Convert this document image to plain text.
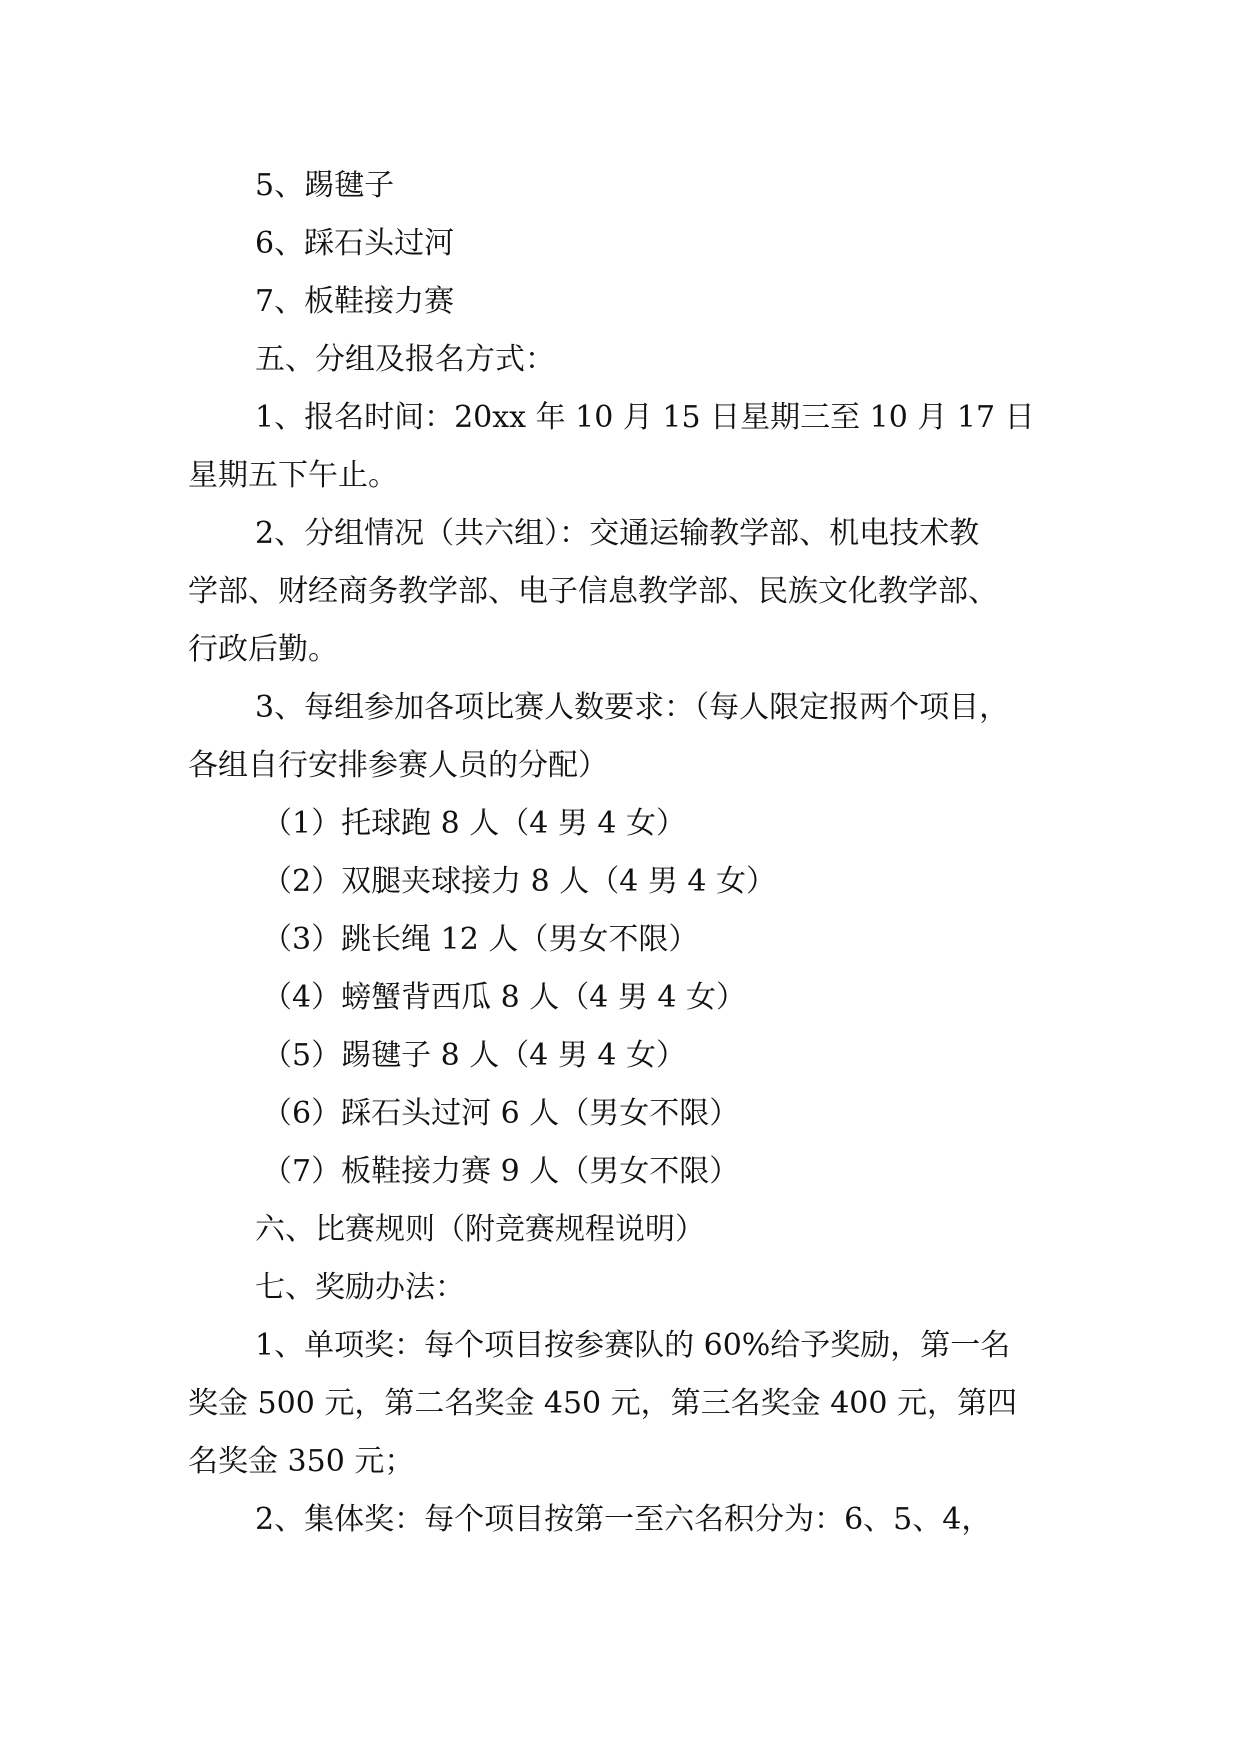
5、踢毽子
6、踩石头过河
7、板鞋接力赛
五、分组及报名方式：
1、报名时间：20xx 年 10 月 15 日星期三至 10 月 17 日
星期五下午止。
2、分组情况（共六组）：交通运输教学部、机电技术教
学部、财经商务教学部、电子信息教学部、民族文化教学部、
行政后勤。
3、每组参加各项比赛人数要求：（每人限定报两个项目，
各组自行安排参赛人员的分配）
（1）托球跑 8 人（4 男 4 女）
（2）双腿夹球接力 8 人（4 男 4 女）
（3）跳长绳 12 人（男女不限）
（4）螃蟹背西瓜 8 人（4 男 4 女）
（5）踢毽子 8 人（4 男 4 女）
（6）踩石头过河 6 人（男女不限）
（7）板鞋接力赛 9 人（男女不限）
六、比赛规则（附竞赛规程说明）
七、奖励办法：
1、单项奖：每个项目按参赛队的 60%给予奖励，第一名
奖金 500 元，第二名奖金 450 元，第三名奖金 400 元，第四
名奖金 350 元；
2、集体奖：每个项目按第一至六名积分为：6、5、4，
